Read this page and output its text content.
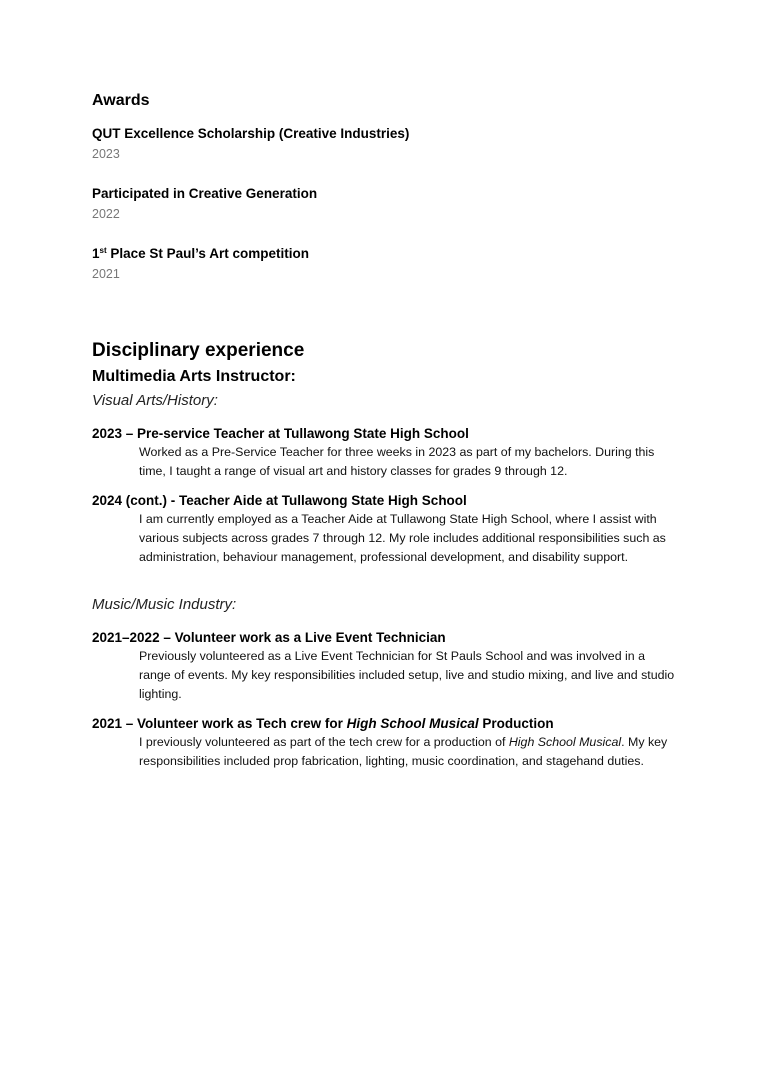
Awards
QUT Excellence Scholarship (Creative Industries)
2023
Participated in Creative Generation
2022
1st Place St Paul’s Art competition
2021
Disciplinary experience
Multimedia Arts Instructor:
Visual Arts/History:
2023 – Pre-service Teacher at Tullawong State High School
Worked as a Pre-Service Teacher for three weeks in 2023 as part of my bachelors. During this time, I taught a range of visual art and history classes for grades 9 through 12.
2024 (cont.) - Teacher Aide at Tullawong State High School
I am currently employed as a Teacher Aide at Tullawong State High School, where I assist with various subjects across grades 7 through 12. My role includes additional responsibilities such as administration, behaviour management, professional development, and disability support.
Music/Music Industry:
2021–2022 – Volunteer work as a Live Event Technician
Previously volunteered as a Live Event Technician for St Pauls School and was involved in a range of events. My key responsibilities included setup, live and studio mixing, and live and studio lighting.
2021 – Volunteer work as Tech crew for High School Musical Production
I previously volunteered as part of the tech crew for a production of High School Musical. My key responsibilities included prop fabrication, lighting, music coordination, and stagehand duties.
